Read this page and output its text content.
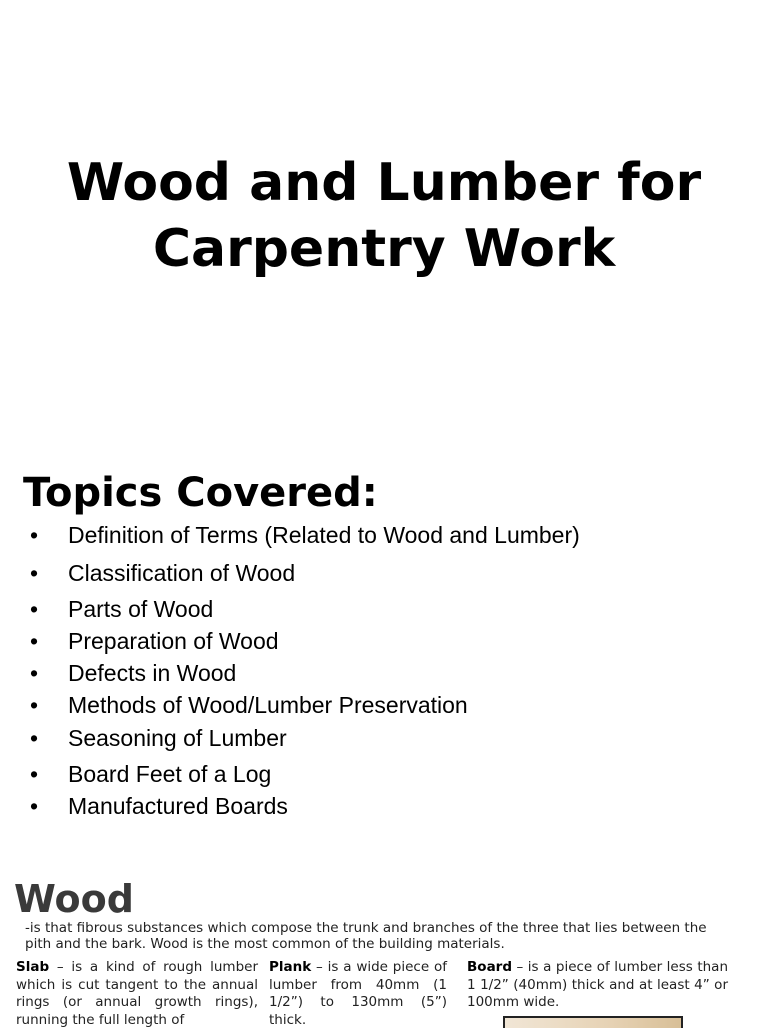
Wood and Lumber for
Carpentry Work
Topics Covered:
• Definition of Terms (Related to Wood and Lumber)
• Classification of Wood
• Parts of Wood
• Preparation of Wood
• Defects in Wood
• Methods of Wood/Lumber Preservation
• Seasoning of Lumber
• Board Feet of a Log
• Manufactured Boards
Wood
-is that fibrous substances which compose the trunk and branches of the three that lies between the pith and the bark. Wood is the most common of the building materials.
Slab – is a kind of rough lumber which is cut tangent to the annual rings (or annual growth rings), running the full length of
Plank – is a wide piece of lumber from 40mm (1 1/2”) to 130mm (5”) thick.
Board – is a piece of lumber less than 1 1/2” (40mm) thick and at least 4” or 100mm wide.
